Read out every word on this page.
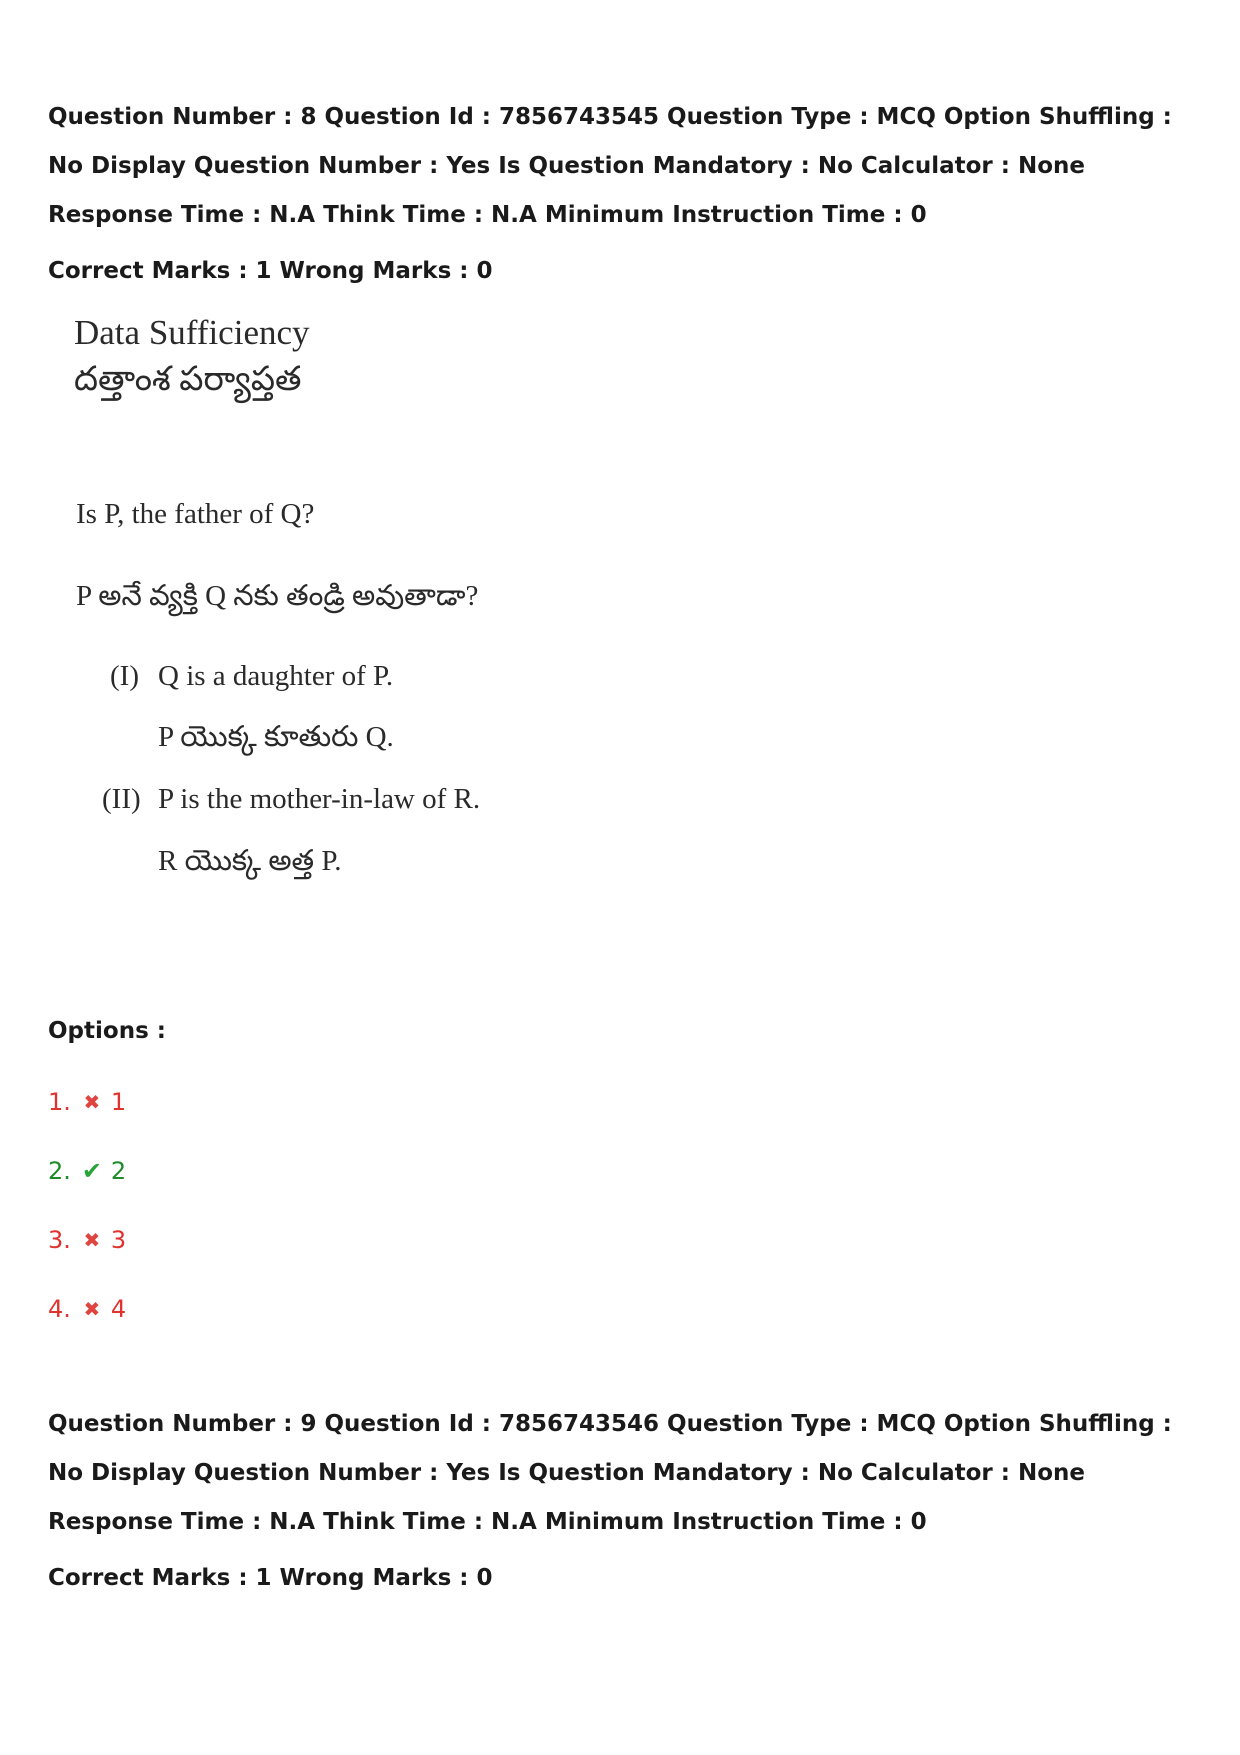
Question Number : 8 Question Id : 7856743545 Question Type : MCQ Option Shuffling : No Display Question Number : Yes Is Question Mandatory : No Calculator : None Response Time : N.A Think Time : N.A Minimum Instruction Time : 0

Correct Marks : 1 Wrong Marks : 0

Data Sufficiency
దత్తాంశ పర్యాప్తత
Is P, the father of Q?
P అనే వ్యక్తి Q నకు తండ్రి అవుతాడా?
(I) Q is a daughter of P.
P యొక్క కూతురు Q.
(II) P is the mother-in-law of R.
R యొక్క అత్త P.

Options :

1. ✖ 1
2. ✔ 2
3. ✖ 3
4. ✖ 4

Question Number : 9 Question Id : 7856743546 Question Type : MCQ Option Shuffling : No Display Question Number : Yes Is Question Mandatory : No Calculator : None Response Time : N.A Think Time : N.A Minimum Instruction Time : 0

Correct Marks : 1 Wrong Marks : 0
